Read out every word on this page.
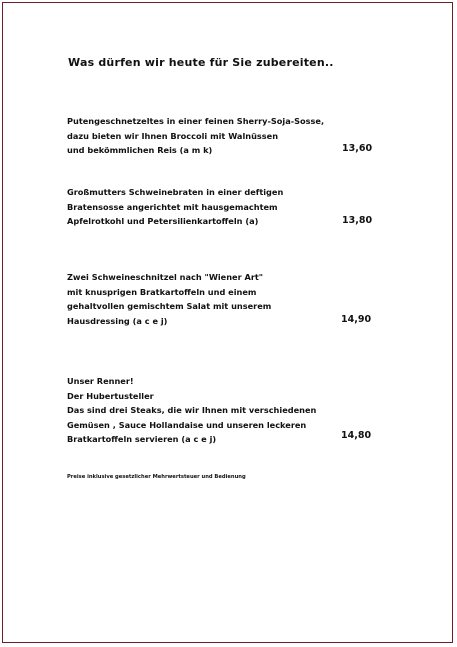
Was dürfen wir heute für Sie zubereiten..
Putengeschnetzeltes in einer feinen Sherry-Soja-Sosse,
dazu bieten wir Ihnen Broccoli mit Walnüssen
und bekömmlichen Reis (a m k)	13,60
Großmutters Schweinebraten in einer deftigen
Bratensosse angerichtet mit hausgemachtem
Apfelrotkohl und Petersilienkartoffeln (a)	13,80
Zwei Schweineschnitzel nach "Wiener Art"
mit knusprigen Bratkartoffeln und einem
gehaltvollen gemischtem Salat mit unserem
Hausdressing (a c e j)	14,90
Unser Renner!
Der Hubertusteller
Das sind drei Steaks, die wir Ihnen mit verschiedenen
Gemüsen , Sauce Hollandaise und unseren leckeren
Bratkartoffeln servieren (a c e j)	14,80
Preise inklusive gesetzlicher Mehrwertsteuer und Bedienung
